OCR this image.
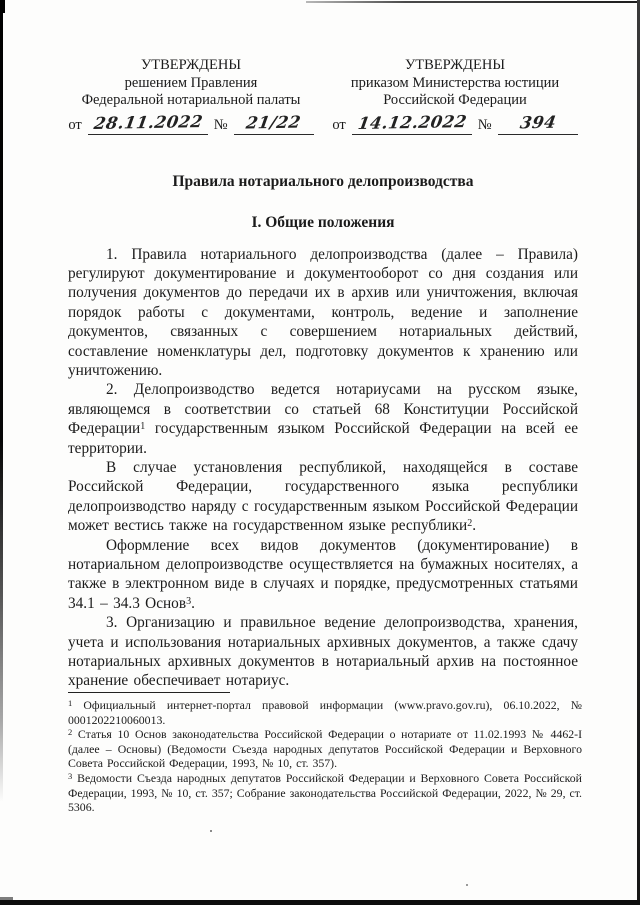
УТВЕРЖДЕНЫ
решением Правления
Федеральной нотариальной палаты
от 28.11.2022 № 21/22
УТВЕРЖДЕНЫ
приказом Министерства юстиции
Российской Федерации
от 14.12.2022 № 394
Правила нотариального делопроизводства
I. Общие положения

1. Правила нотариального делопроизводства (далее – Правила) регулируют документирование и документооборот со дня создания или получения документов до передачи их в архив или уничтожения, включая порядок работы с документами, контроль, ведение и заполнение документов, связанных с совершением нотариальных действий, составление номенклатуры дел, подготовку документов к хранению или уничтожению.

2. Делопроизводство ведется нотариусами на русском языке, являющемся в соответствии со статьей 68 Конституции Российской Федерации$^1$ государственным языком Российской Федерации на всей ее территории.

В случае установления республикой, находящейся в составе Российской Федерации, государственного языка республики делопроизводство наряду с государственным языком Российской Федерации может вестись также на государственном языке республики$^2$.

Оформление всех видов документов (документирование) в нотариальном делопроизводстве осуществляется на бумажных носителях, а также в электронном виде в случаях и порядке, предусмотренных статьями 34.1 – 34.3 Основ$^3$.

3. Организацию и правильное ведение делопроизводства, хранения, учета и использования нотариальных архивных документов, а также сдачу нотариальных архивных документов в нотариальный архив на постоянное хранение обеспечивает нотариус.

$^1$ Официальный интернет-портал правовой информации (www.pravo.gov.ru), 06.10.2022, № 0001202210060013.

$^2$ Статья 10 Основ законодательства Российской Федерации о нотариате от 11.02.1993 № 4462-I (далее – Основы) (Ведомости Съезда народных депутатов Российской Федерации и Верховного Совета Российской Федерации, 1993, № 10, ст. 357).

$^3$ Ведомости Съезда народных депутатов Российской Федерации и Верховного Совета Российской Федерации, 1993, № 10, ст. 357; Собрание законодательства Российской Федерации, 2022, № 29, ст. 5306.
